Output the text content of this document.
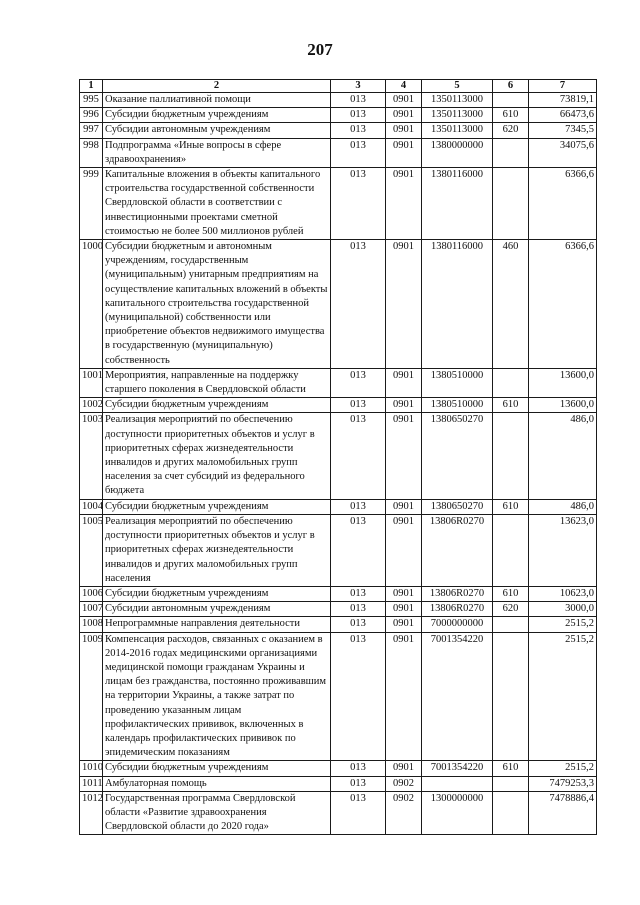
207
1	2	3	4	5	6	7
995	Оказание паллиативной помощи	013	0901	1350113000		73819,1
996	Субсидии бюджетным учреждениям	013	0901	1350113000	610	66473,6
997	Субсидии автономным учреждениям	013	0901	1350113000	620	7345,5
998	Подпрограмма «Иные вопросы в сфере здравоохранения»	013	0901	1380000000		34075,6
999	Капитальные вложения в объекты капитального строительства государственной собственности Свердловской области в соответствии с инвестиционными проектами сметной стоимостью не более 500 миллионов рублей	013	0901	1380116000		6366,6
1000	Субсидии бюджетным и автономным учреждениям, государственным (муниципальным) унитарным предприятиям на осуществление капитальных вложений в объекты капитального строительства государственной (муниципальной) собственности или приобретение объектов недвижимого имущества в государственную (муниципальную) собственность	013	0901	1380116000	460	6366,6
1001	Мероприятия, направленные на поддержку старшего поколения в Свердловской области	013	0901	1380510000		13600,0
1002	Субсидии бюджетным учреждениям	013	0901	1380510000	610	13600,0
1003	Реализация мероприятий по обеспечению доступности приоритетных объектов и услуг в приоритетных сферах жизнедеятельности инвалидов и других маломобильных групп населения за счет субсидий из федерального бюджета	013	0901	1380650270		486,0
1004	Субсидии бюджетным учреждениям	013	0901	1380650270	610	486,0
1005	Реализация мероприятий по обеспечению доступности приоритетных объектов и услуг в приоритетных сферах жизнедеятельности инвалидов и других маломобильных групп населения	013	0901	13806R0270		13623,0
1006	Субсидии бюджетным учреждениям	013	0901	13806R0270	610	10623,0
1007	Субсидии автономным учреждениям	013	0901	13806R0270	620	3000,0
1008	Непрограммные направления деятельности	013	0901	7000000000		2515,2
1009	Компенсация расходов, связанных с оказанием в 2014-2016 годах медицинскими организациями медицинской помощи гражданам Украины и лицам без гражданства, постоянно проживавшим на территории Украины, а также затрат по проведению указанным лицам профилактических прививок, включенных в календарь профилактических прививок по эпидемическим показаниям	013	0901	7001354220		2515,2
1010	Субсидии бюджетным учреждениям	013	0901	7001354220	610	2515,2
1011	Амбулаторная помощь	013	0902			7479253,3
1012	Государственная программа Свердловской области «Развитие здравоохранения Свердловской области до 2020 года»	013	0902	1300000000		7478886,4
